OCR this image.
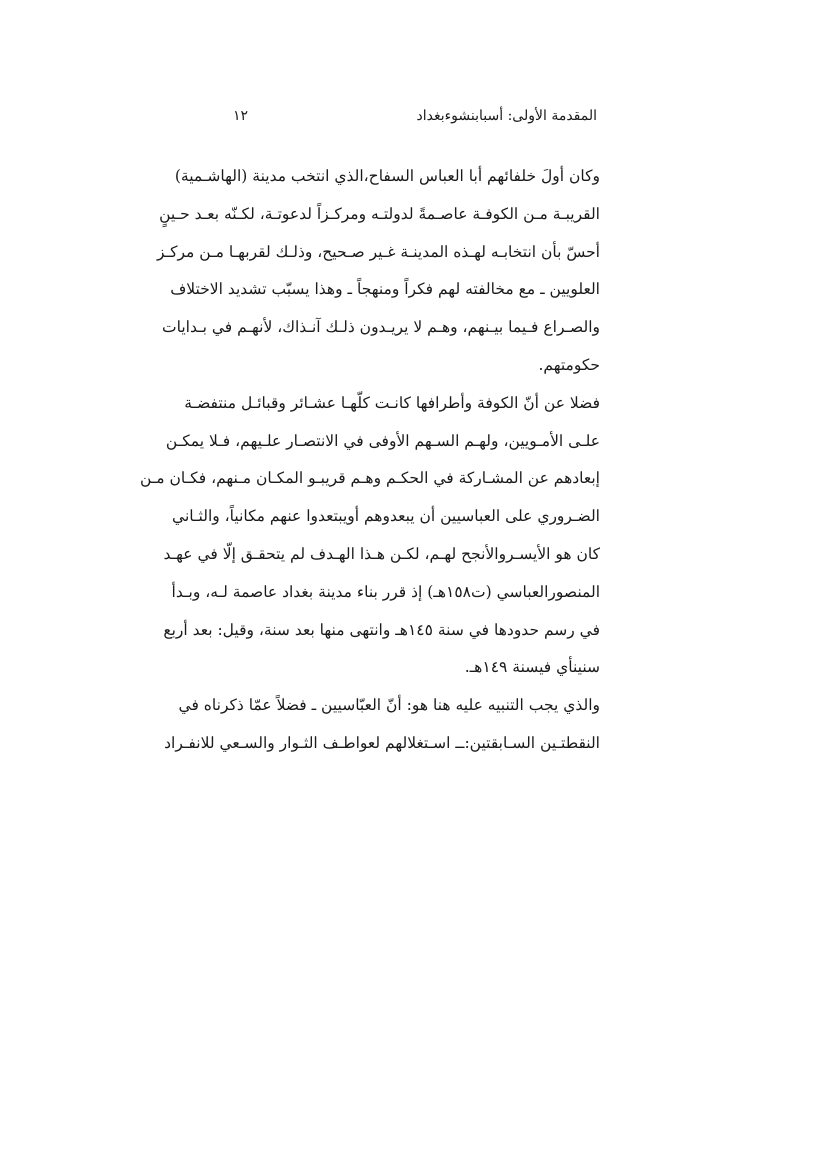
المقدمة الأولى: أسبابنشوءبغداد
١٢
وكان أولَ خلفائهم أبا العباس السفاح،الذي انتخب مدينة (الهاشـمية)
القريبـة مـن الكوفـة عاصـمةً لدولتـه ومركـزاً لدعوتـة، لكـنّه بعـد حـينٍ
أحسّ بأن انتخابـه لهـذه المدينـة غـير صـحيح، وذلـك لقربهـا مـن مركـز
العلويين ـ مع مخالفته لهم فكراً ومنهجاً ـ وهذا يسبّب تشديد الاختلاف
والصـراع فـيما بيـنهم، وهـم لا يريـدون ذلـك آنـذاك، لأنهـم في بـدايات
حكومتهم.
فضلا عن أنّ الكوفة وأطرافها كانـت كلّهـا عشـائر وقبائـل منتفضـة
علـى الأمـويين، ولهـم السـهم الأوفى في الانتصـار علـيهم، فـلا يمكـن
إبعادهم عن المشـاركة في الحكـم وهـم قريبـو المكـان مـنهم، فكـان مـن
الضـروري على العباسيين أن يبعدوهم أويبتعدوا عنهم مكانياً، والثـاني
كان هو الأيسـروالأنجح لهـم، لكـن هـذا الهـدف لم يتحقـق إلّا في عهـد
المنصورالعباسي (ت١٥٨هـ) إذ قرر بناء مدينة بغداد عاصمة لـه، وبـدأ
في رسم حدودها في سنة ١٤٥هـ وانتهى منها بعد سنة، وقيل: بعد أربع
سنينأي فيسنة ١٤٩هـ.
والذي يجب التنبيه عليه هنا هو: أنّ العبّاسيين ـ فضلاً عمّا ذكرناه في
النقطتـين السـابقتين:ــ اسـتغلالهم لعواطـف الثـوار والسـعي للانفـراد
